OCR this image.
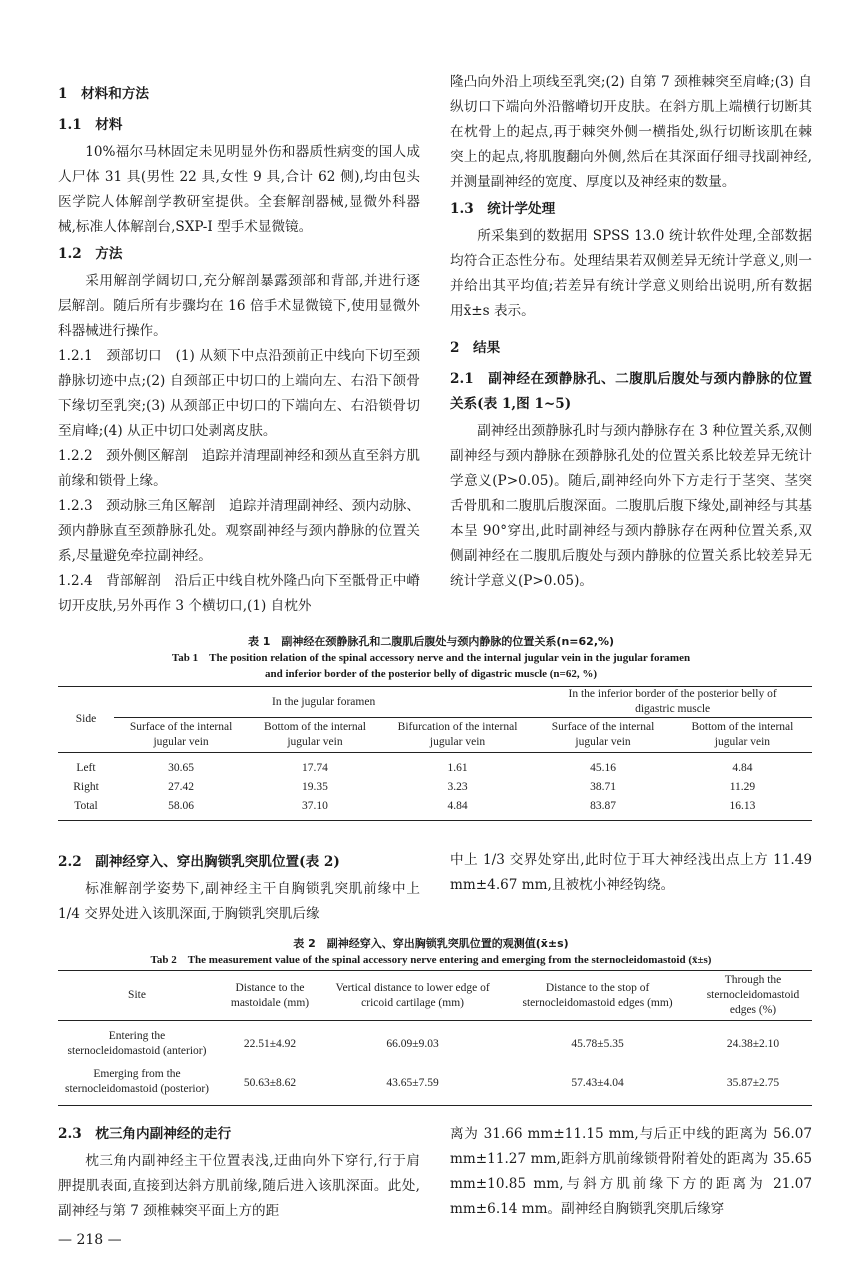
1　材料和方法
1.1　材料

10%福尔马林固定未见明显外伤和器质性病变的国人成人尸体 31 具(男性 22 具,女性 9 具,合计 62 侧),均由包头医学院人体解剖学教研室提供。全套解剖器械,显微外科器械,标准人体解剖台,SXP-Ⅰ 型手术显微镜。

1.2　方法

采用解剖学阔切口,充分解剖暴露颈部和背部,并进行逐层解剖。随后所有步骤均在 16 倍手术显微镜下,使用显微外科器械进行操作。

1.2.1　颈部切口　(1) 从颏下中点沿颈前正中线向下切至颈静脉切迹中点;(2) 自颈部正中切口的上端向左、右沿下颌骨下缘切至乳突;(3) 从颈部正中切口的下端向左、右沿锁骨切至肩峰;(4) 从正中切口处剥离皮肤。

1.2.2　颈外侧区解剖　追踪并清理副神经和颈丛直至斜方肌前缘和锁骨上缘。

1.2.3　颈动脉三角区解剖　追踪并清理副神经、颈内动脉、颈内静脉直至颈静脉孔处。观察副神经与颈内静脉的位置关系,尽量避免牵拉副神经。

1.2.4　背部解剖　沿后正中线自枕外隆凸向下至骶骨正中嵴切开皮肤,另外再作 3 个横切口,(1) 自枕外

隆凸向外沿上项线至乳突;(2) 自第 7 颈椎棘突至肩峰;(3) 自纵切口下端向外沿髂嵴切开皮肤。在斜方肌上端横行切断其在枕骨上的起点,再于棘突外侧一横指处,纵行切断该肌在棘突上的起点,将肌腹翻向外侧,然后在其深面仔细寻找副神经,并测量副神经的宽度、厚度以及神经束的数量。

1.3　统计学处理

所采集到的数据用 SPSS 13.0 统计软件处理,全部数据均符合正态性分布。处理结果若双侧差异无统计学意义,则一并给出其平均值;若差异有统计学意义则给出说明,所有数据用x̄±s 表示。

2　结果
2.1　副神经在颈静脉孔、二腹肌后腹处与颈内静脉的位置关系(表 1,图 1~5)

副神经出颈静脉孔时与颈内静脉存在 3 种位置关系,双侧副神经与颈内静脉在颈静脉孔处的位置关系比较差异无统计学意义(P>0.05)。随后,副神经向外下方走行于茎突、茎突舌骨肌和二腹肌后腹深面。二腹肌后腹下缘处,副神经与其基本呈 90°穿出,此时副神经与颈内静脉存在两种位置关系,双侧副神经在二腹肌后腹处与颈内静脉的位置关系比较差异无统计学意义(P>0.05)。

表 1　副神经在颈静脉孔和二腹肌后腹处与颈内静脉的位置关系(n=62,%)
Tab 1　The position relation of the spinal accessory nerve and the internal jugular vein in the jugular foramen
and inferior border of the posterior belly of digastric muscle (n=62, %)
Side	In the jugular foramen			In the inferior border of the posterior belly of digastric muscle	
	Surface of the internal jugular vein	Bottom of the internal jugular vein	Bifurcation of the internal jugular vein	Surface of the internal jugular vein	Bottom of the internal jugular vein
Left	30.65	17.74	1.61	45.16	4.84
Right	27.42	19.35	3.23	38.71	11.29
Total	58.06	37.10	4.84	83.87	16.13
2.2　副神经穿入、穿出胸锁乳突肌位置(表 2)

标准解剖学姿势下,副神经主干自胸锁乳突肌前缘中上 1/4 交界处进入该肌深面,于胸锁乳突肌后缘

中上 1/3 交界处穿出,此时位于耳大神经浅出点上方 11.49 mm±4.67 mm,且被枕小神经钩绕。

表 2　副神经穿入、穿出胸锁乳突肌位置的观测值(x̄±s)
Tab 2　The measurement value of the spinal accessory nerve entering and emerging from the sternocleidomastoid (x̄±s)
Site	Distance to the mastoidale (mm)	Vertical distance to lower edge of cricoid cartilage (mm)	Distance to the stop of sternocleidomastoid edges (mm)	Through the sternocleidomastoid edges (%)
Entering the sternocleidomastoid (anterior)	22.51±4.92	66.09±9.03	45.78±5.35	24.38±2.10
Emerging from the sternocleidomastoid (posterior)	50.63±8.62	43.65±7.59	57.43±4.04	35.87±2.75
2.3　枕三角内副神经的走行

枕三角内副神经主干位置表浅,迂曲向外下穿行,行于肩胛提肌表面,直接到达斜方肌前缘,随后进入该肌深面。此处,副神经与第 7 颈椎棘突平面上方的距

离为 31.66 mm±11.15 mm,与后正中线的距离为 56.07 mm±11.27 mm,距斜方肌前缘锁骨附着处的距离为 35.65 mm±10.85 mm,与斜方肌前缘下方的距离为 21.07 mm±6.14 mm。副神经自胸锁乳突肌后缘穿

— 218 —
